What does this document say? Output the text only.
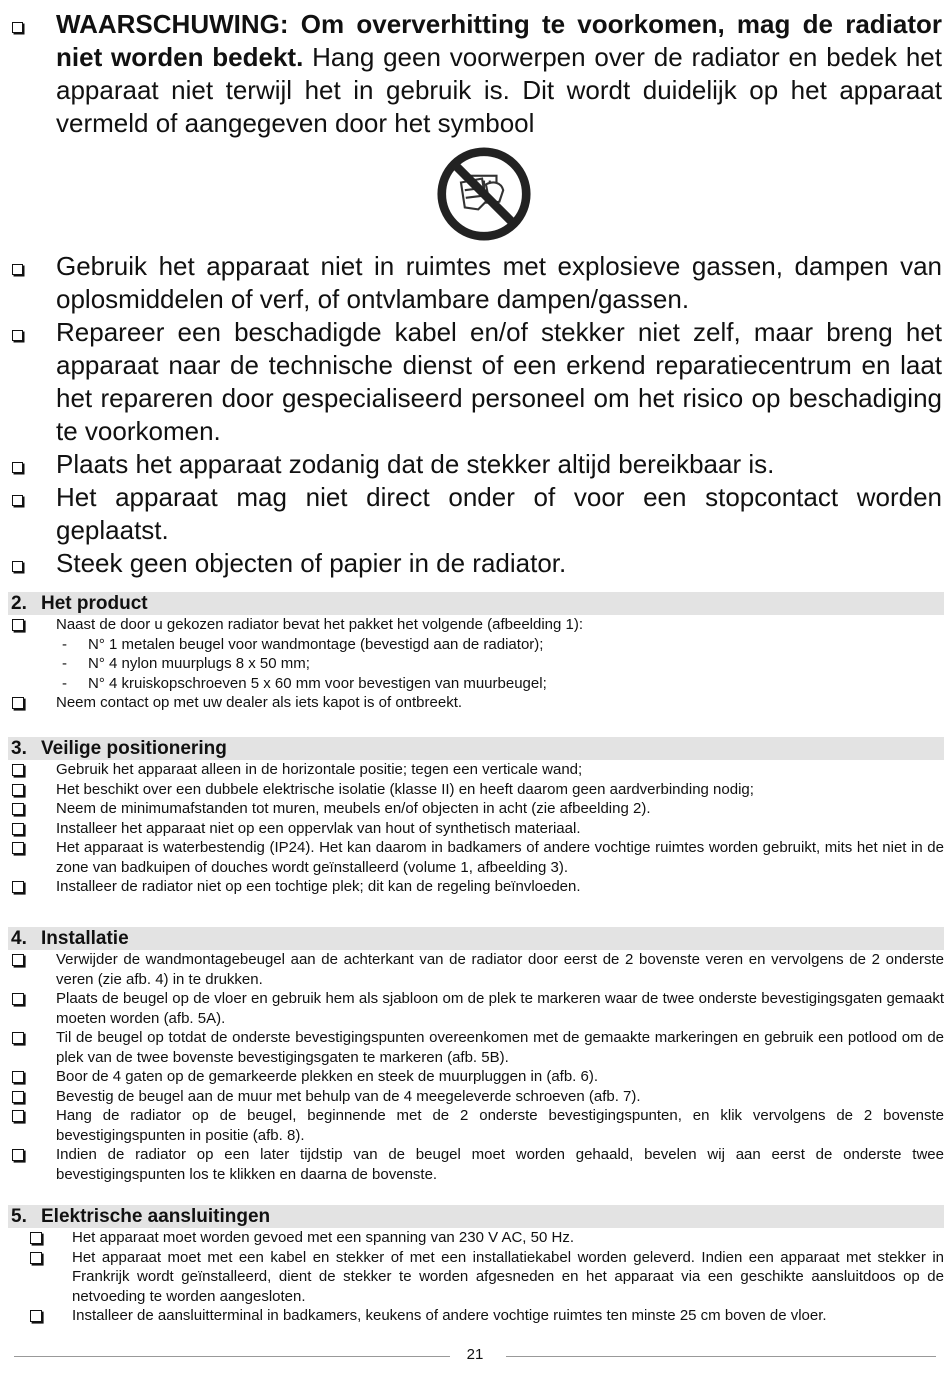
WAARSCHUWING: Om oververhitting te voorkomen, mag de radiator niet worden bedekt. Hang geen voorwerpen over de radiator en bedek het apparaat niet terwijl het in gebruik is. Dit wordt duidelijk op het apparaat vermeld of aangegeven door het symbool
Gebruik het apparaat niet in ruimtes met explosieve gassen, dampen van oplosmiddelen of verf, of ontvlambare dampen/gassen.
Repareer een beschadigde kabel en/of stekker niet zelf, maar breng het apparaat naar de technische dienst of een erkend reparatiecentrum en laat het repareren door gespecialiseerd personeel om het risico op beschadiging te voorkomen.
Plaats het apparaat zodanig dat de stekker altijd bereikbaar is.
Het apparaat mag niet direct onder of voor een stopcontact worden geplaatst.
Steek geen objecten of papier in de radiator.
2. Het product
Naast de door u gekozen radiator bevat het pakket het volgende (afbeelding 1):
- N° 1 metalen beugel voor wandmontage (bevestigd aan de radiator);
- N° 4 nylon muurplugs 8 x 50 mm;
- N° 4 kruiskopschroeven 5 x 60 mm voor bevestigen van muurbeugel;
Neem contact op met uw dealer als iets kapot is of ontbreekt.
3. Veilige positionering
Gebruik het apparaat alleen in de horizontale positie; tegen een verticale wand;
Het beschikt over een dubbele elektrische isolatie (klasse II) en heeft daarom geen aardverbinding nodig;
Neem de minimumafstanden tot muren, meubels en/of objecten in acht (zie afbeelding 2).
Installeer het apparaat niet op een oppervlak van hout of synthetisch materiaal.
Het apparaat is waterbestendig (IP24). Het kan daarom in badkamers of andere vochtige ruimtes worden gebruikt, mits het niet in de zone van badkuipen of douches wordt geïnstalleerd (volume 1, afbeelding 3).
Installeer de radiator niet op een tochtige plek; dit kan de regeling beïnvloeden.
4. Installatie
Verwijder de wandmontagebeugel aan de achterkant van de radiator door eerst de 2 bovenste veren en vervolgens de 2 onderste veren (zie afb. 4) in te drukken.
Plaats de beugel op de vloer en gebruik hem als sjabloon om de plek te markeren waar de twee onderste bevestigingsgaten gemaakt moeten worden (afb. 5A).
Til de beugel op totdat de onderste bevestigingspunten overeenkomen met de gemaakte markeringen en gebruik een potlood om de plek van de twee bovenste bevestigingsgaten te markeren (afb. 5B).
Boor de 4 gaten op de gemarkeerde plekken en steek de muurpluggen in (afb. 6).
Bevestig de beugel aan de muur met behulp van de 4 meegeleverde schroeven (afb. 7).
Hang de radiator op de beugel, beginnende met de 2 onderste bevestigingspunten, en klik vervolgens de 2 bovenste bevestigingspunten in positie (afb. 8).
Indien de radiator op een later tijdstip van de beugel moet worden gehaald, bevelen wij aan eerst de onderste twee bevestigingspunten los te klikken en daarna de bovenste.
5. Elektrische aansluitingen
Het apparaat moet worden gevoed met een spanning van 230 V AC, 50 Hz.
Het apparaat moet met een kabel en stekker of met een installatiekabel worden geleverd. Indien een apparaat met stekker in Frankrijk wordt geïnstalleerd, dient de stekker te worden afgesneden en het apparaat via een geschikte aansluitdoos op de netvoeding te worden aangesloten.
Installeer de aansluitterminal in badkamers, keukens of andere vochtige ruimtes ten minste 25 cm boven de vloer.
21
